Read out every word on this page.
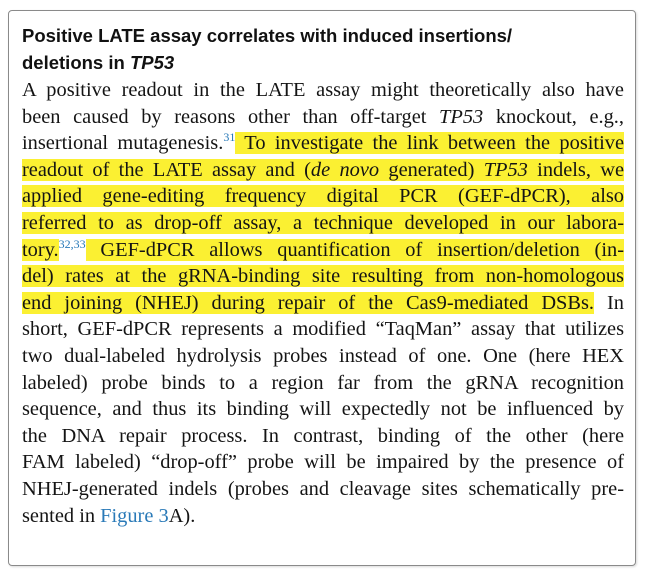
Positive LATE assay correlates with induced insertions/
deletions in TP53
A positive readout in the LATE assay might theoretically also have
been caused by reasons other than off-target TP53 knockout, e.g.,
insertional mutagenesis.$^{31}$ To investigate the link between the positive
readout of the LATE assay and (de novo generated) TP53 indels, we
applied gene-editing frequency digital PCR (GEF-dPCR), also
referred to as drop-off assay, a technique developed in our labora-
tory.$^{32,33}$ GEF-dPCR allows quantification of insertion/deletion (in-
del) rates at the gRNA-binding site resulting from non-homologous
end joining (NHEJ) during repair of the Cas9-mediated DSBs. In
short, GEF-dPCR represents a modified “TaqMan” assay that utilizes
two dual-labeled hydrolysis probes instead of one. One (here HEX
labeled) probe binds to a region far from the gRNA recognition
sequence, and thus its binding will expectedly not be influenced by
the DNA repair process. In contrast, binding of the other (here
FAM labeled) “drop-off” probe will be impaired by the presence of
NHEJ-generated indels (probes and cleavage sites schematically pre-
sented in Figure 3A).
